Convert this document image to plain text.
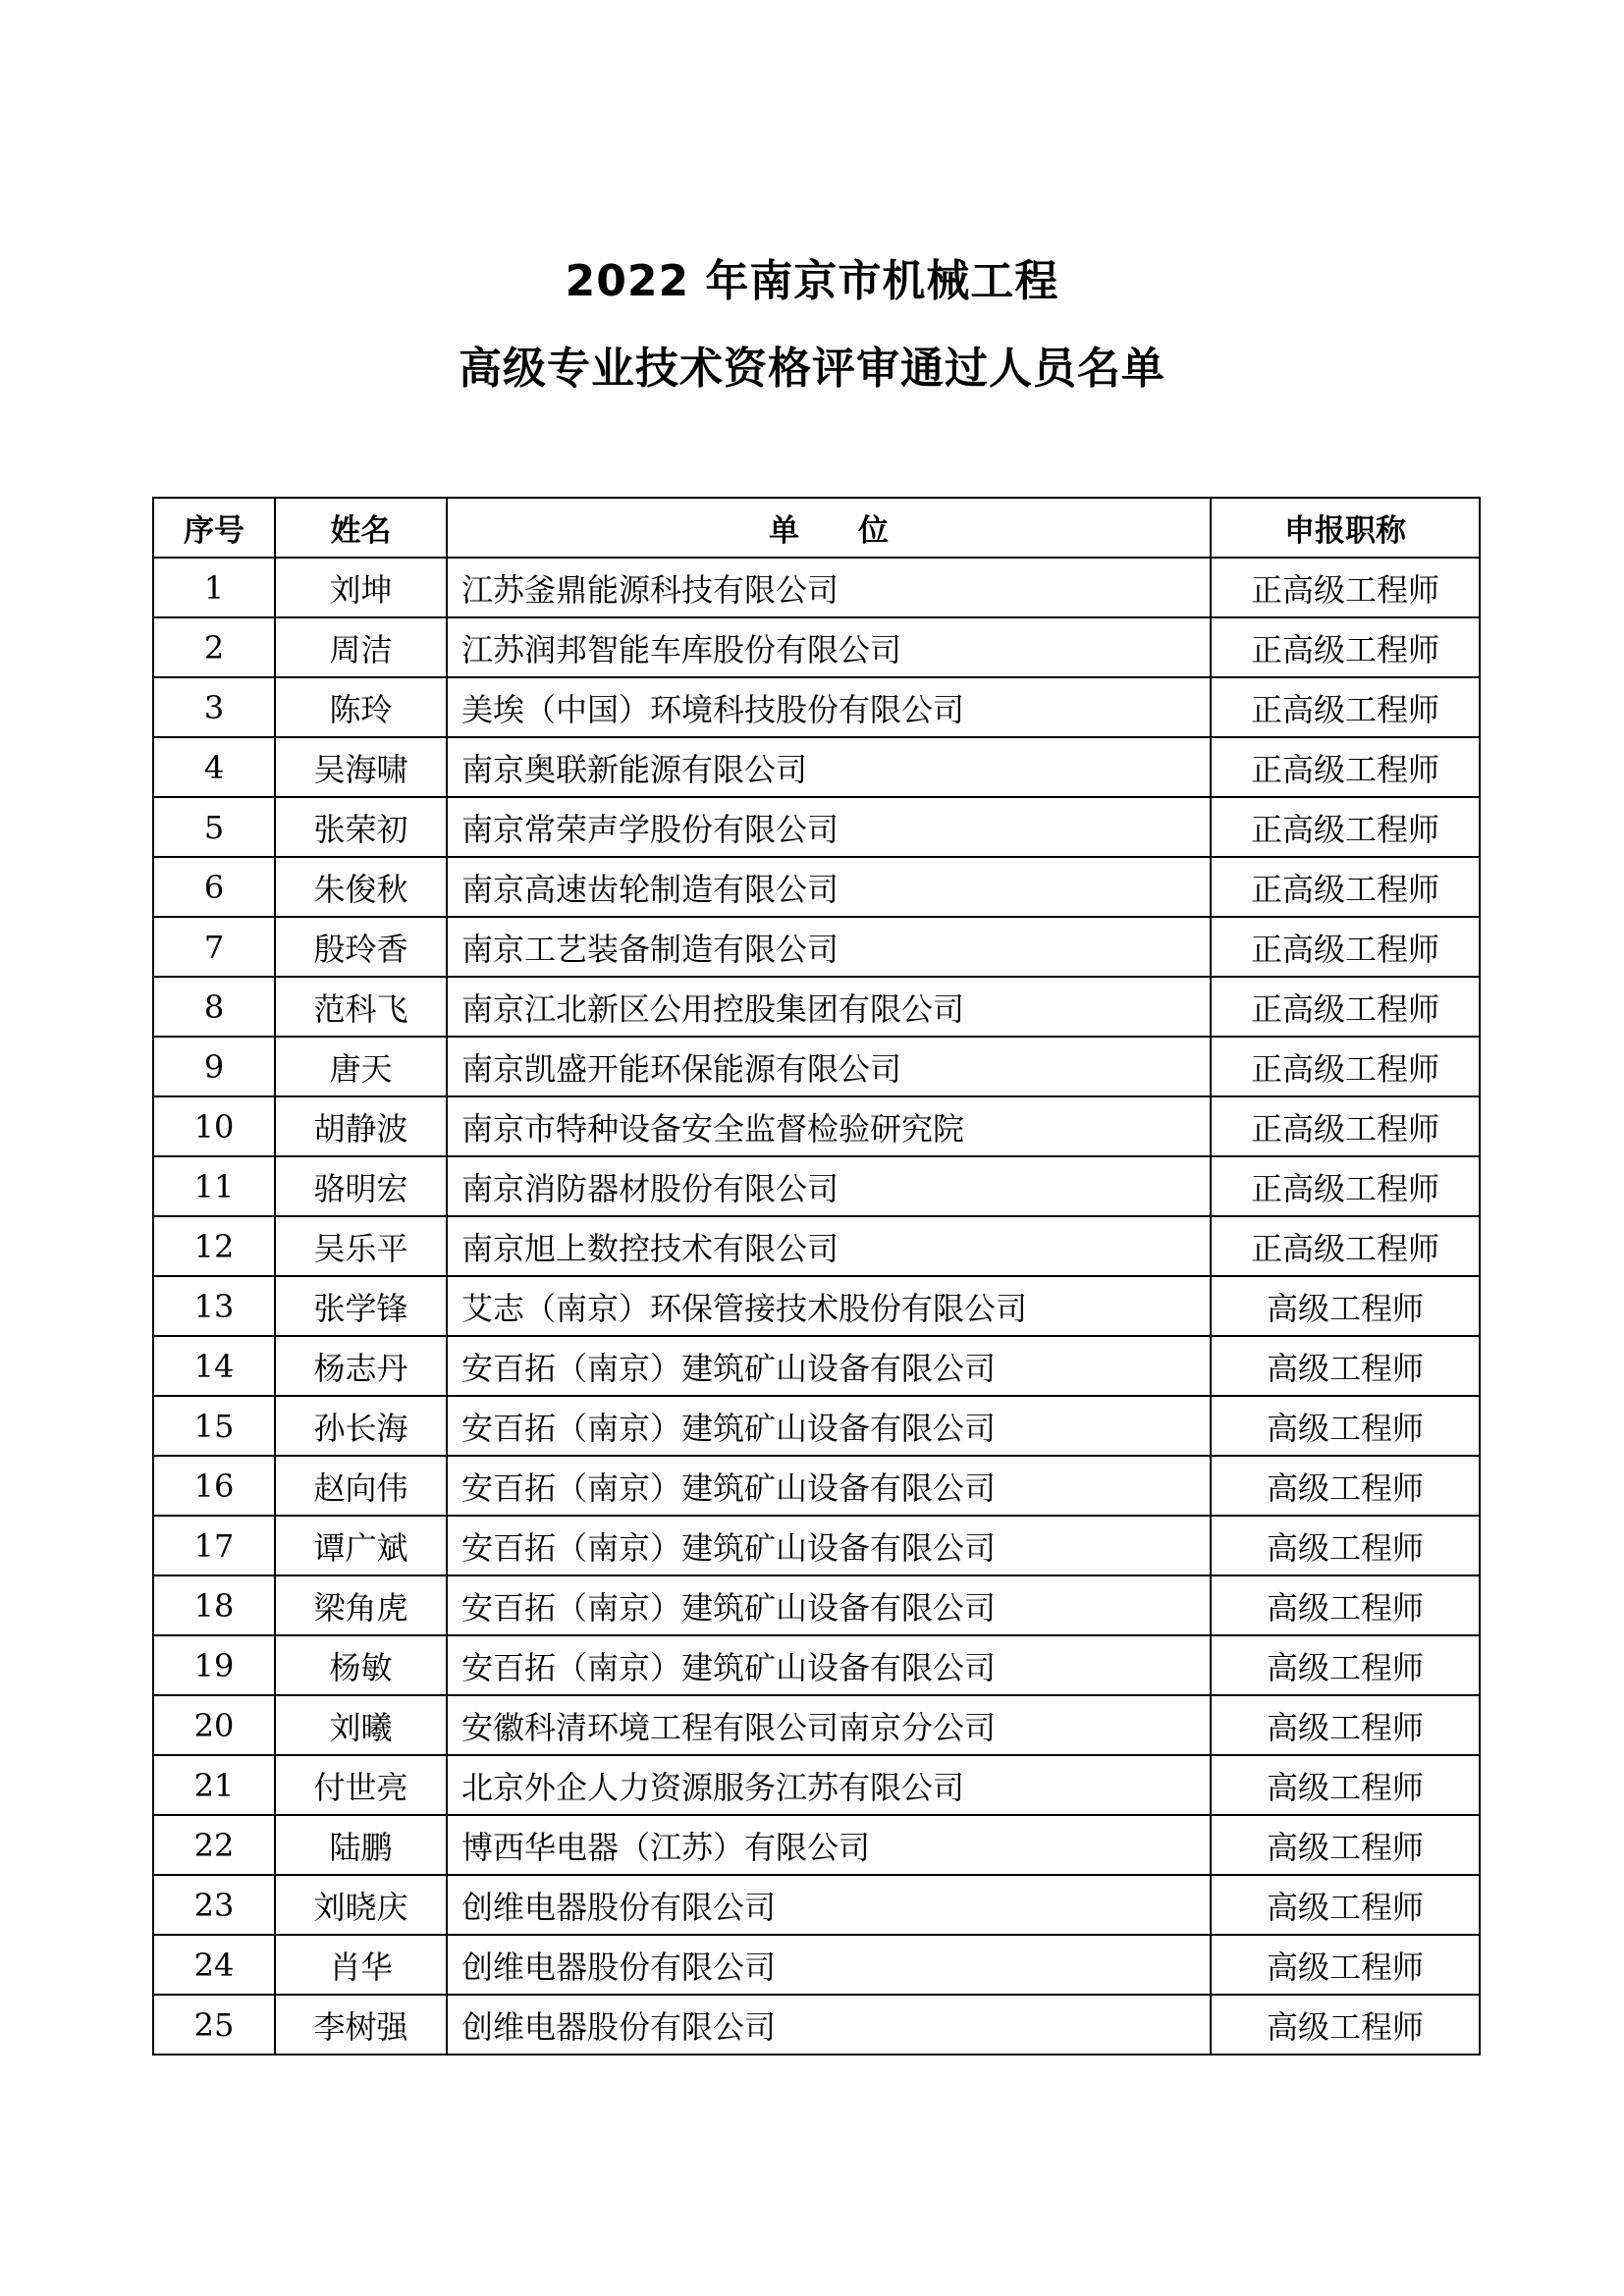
2022 年南京市机械工程
高级专业技术资格评审通过人员名单
序号	姓名	单位	申报职称
1	刘坤	江苏釜鼎能源科技有限公司	正高级工程师
2	周洁	江苏润邦智能车库股份有限公司	正高级工程师
3	陈玲	美埃（中国）环境科技股份有限公司	正高级工程师
4	吴海啸	南京奥联新能源有限公司	正高级工程师
5	张荣初	南京常荣声学股份有限公司	正高级工程师
6	朱俊秋	南京高速齿轮制造有限公司	正高级工程师
7	殷玲香	南京工艺装备制造有限公司	正高级工程师
8	范科飞	南京江北新区公用控股集团有限公司	正高级工程师
9	唐天	南京凯盛开能环保能源有限公司	正高级工程师
10	胡静波	南京市特种设备安全监督检验研究院	正高级工程师
11	骆明宏	南京消防器材股份有限公司	正高级工程师
12	吴乐平	南京旭上数控技术有限公司	正高级工程师
13	张学锋	艾志（南京）环保管接技术股份有限公司	高级工程师
14	杨志丹	安百拓（南京）建筑矿山设备有限公司	高级工程师
15	孙长海	安百拓（南京）建筑矿山设备有限公司	高级工程师
16	赵向伟	安百拓（南京）建筑矿山设备有限公司	高级工程师
17	谭广斌	安百拓（南京）建筑矿山设备有限公司	高级工程师
18	梁角虎	安百拓（南京）建筑矿山设备有限公司	高级工程师
19	杨敏	安百拓（南京）建筑矿山设备有限公司	高级工程师
20	刘曦	安徽科清环境工程有限公司南京分公司	高级工程师
21	付世亮	北京外企人力资源服务江苏有限公司	高级工程师
22	陆鹏	博西华电器（江苏）有限公司	高级工程师
23	刘晓庆	创维电器股份有限公司	高级工程师
24	肖华	创维电器股份有限公司	高级工程师
25	李树强	创维电器股份有限公司	高级工程师
